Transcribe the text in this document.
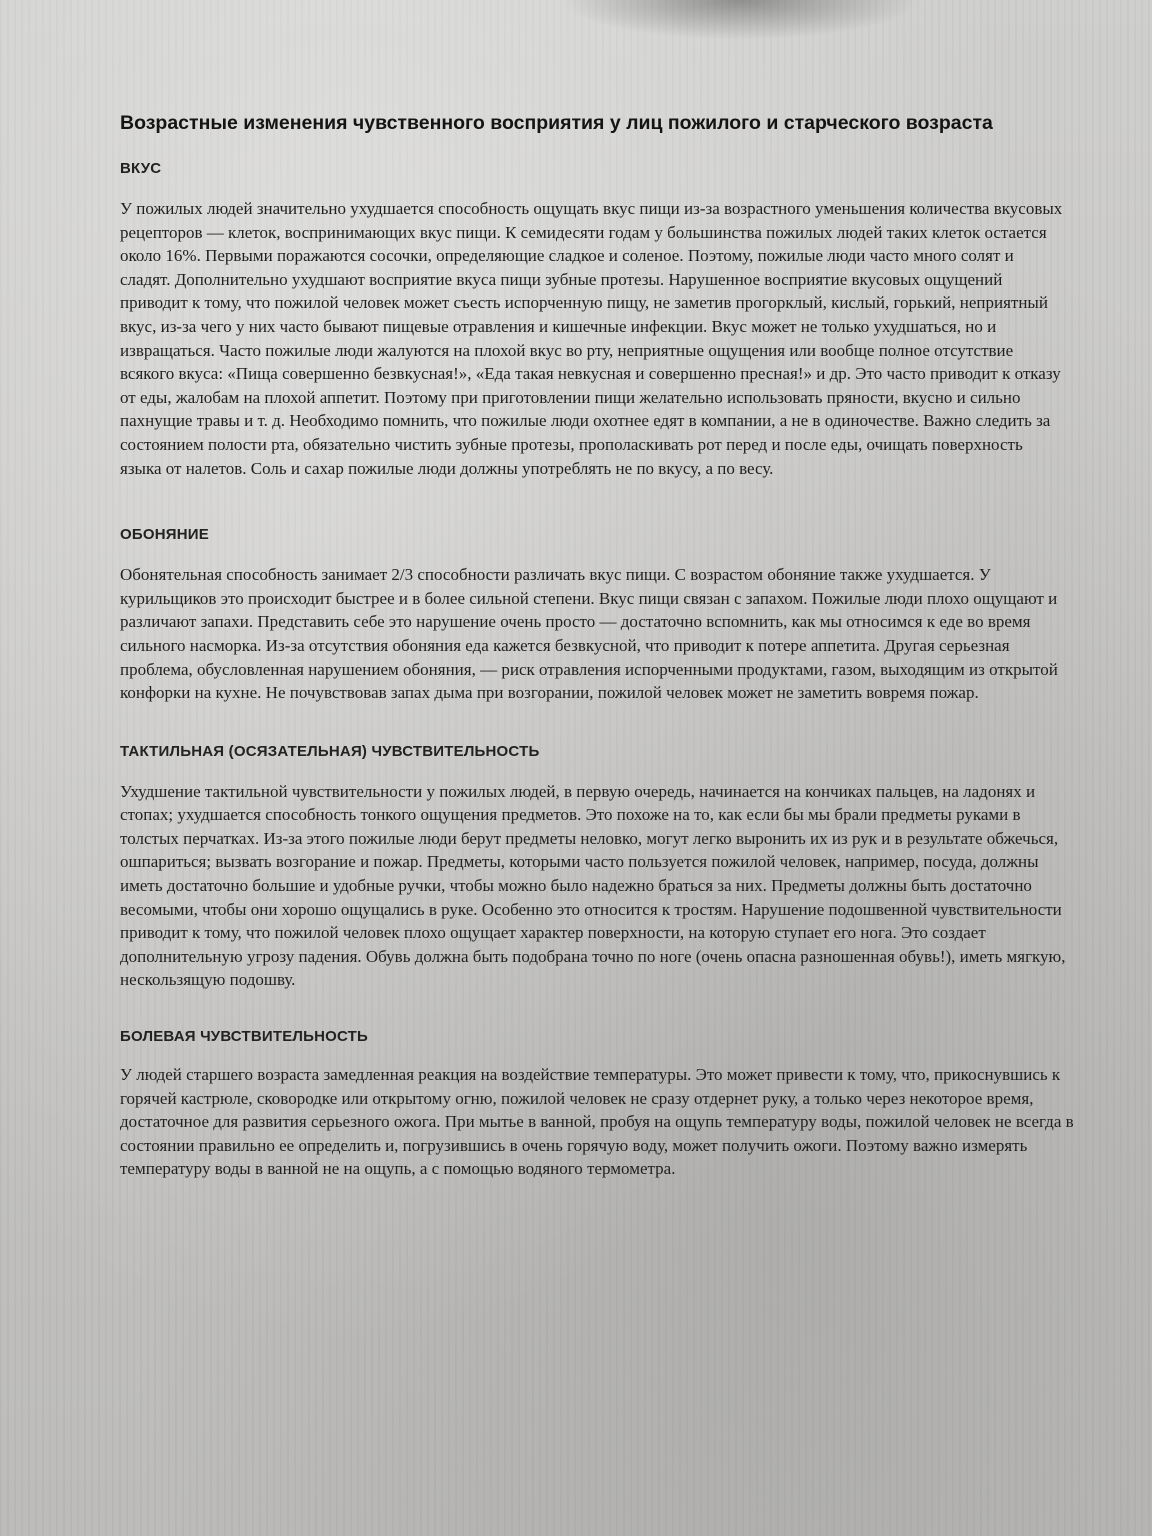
Возрастные изменения чувственного восприятия у лиц пожилого и старческого возраста
ВКУС

У пожилых людей значительно ухудшается способность ощущать вкус пищи из-за возрастного уменьшения количества вкусовых рецепторов — клеток, воспринимающих вкус пищи. К семидесяти годам у большинства пожилых людей таких клеток остается около 16%. Первыми поражаются сосочки, определяющие сладкое и соленое. Поэтому, пожилые люди часто много солят и сладят. Дополнительно ухудшают восприятие вкуса пищи зубные протезы. Нарушенное восприятие вкусовых ощущений приводит к тому, что пожилой человек может съесть испорченную пищу, не заметив прогорклый, кислый, горький, неприятный вкус, из-за чего у них часто бывают пищевые отравления и кишечные инфекции. Вкус может не только ухудшаться, но и извращаться. Часто пожилые люди жалуются на плохой вкус во рту, неприятные ощущения или вообще полное отсутствие всякого вкуса: «Пища совершенно безвкусная!», «Еда такая невкусная и совершенно пресная!» и др. Это часто приводит к отказу от еды, жалобам на плохой аппетит. Поэтому при приготовлении пищи желательно использовать пряности, вкусно и сильно пахнущие травы и т. д. Необходимо помнить, что пожилые люди охотнее едят в компании, а не в одиночестве. Важно следить за состоянием полости рта, обязательно чистить зубные протезы, прополаскивать рот перед и после еды, очищать поверхность языка от налетов. Соль и сахар пожилые люди должны употреблять не по вкусу, а по весу.

ОБОНЯНИЕ

Обонятельная способность занимает 2/3 способности различать вкус пищи. С возрастом обоняние также ухудшается. У курильщиков это происходит быстрее и в более сильной степени. Вкус пищи связан с запахом. Пожилые люди плохо ощущают и различают запахи. Представить себе это нарушение очень просто — достаточно вспомнить, как мы относимся к еде во время сильного насморка. Из-за отсутствия обоняния еда кажется безвкусной, что приводит к потере аппетита. Другая серьезная проблема, обусловленная нарушением обоняния, — риск отравления испорченными продуктами, газом, выходящим из открытой конфорки на кухне. Не почувствовав запах дыма при возгорании, пожилой человек может не заметить вовремя пожар.

ТАКТИЛЬНАЯ (ОСЯЗАТЕЛЬНАЯ) ЧУВСТВИТЕЛЬНОСТЬ

Ухудшение тактильной чувствительности у пожилых людей, в первую очередь, начинается на кончиках пальцев, на ладонях и стопах; ухудшается способность тонкого ощущения предметов. Это похоже на то, как если бы мы брали предметы руками в толстых перчатках. Из-за этого пожилые люди берут предметы неловко, могут легко выронить их из рук и в результате обжечься, ошпариться; вызвать возгорание и пожар. Предметы, которыми часто пользуется пожилой человек, например, посуда, должны иметь достаточно большие и удобные ручки, чтобы можно было надежно браться за них. Предметы должны быть достаточно весомыми, чтобы они хорошо ощущались в руке. Особенно это относится к тростям. Нарушение подошвенной чувствительности приводит к тому, что пожилой человек плохо ощущает характер поверхности, на которую ступает его нога. Это создает дополнительную угрозу падения. Обувь должна быть подобрана точно по ноге (очень опасна разношенная обувь!), иметь мягкую, нескользящую подошву.

БОЛЕВАЯ ЧУВСТВИТЕЛЬНОСТЬ

У людей старшего возраста замедленная реакция на воздействие температуры. Это может привести к тому, что, прикоснувшись к горячей кастрюле, сковородке или открытому огню, пожилой человек не сразу отдернет руку, а только через некоторое время, достаточное для развития серьезного ожога. При мытье в ванной, пробуя на ощупь температуру воды, пожилой человек не всегда в состоянии правильно ее определить и, погрузившись в очень горячую воду, может получить ожоги. Поэтому важно измерять температуру воды в ванной не на ощупь, а с помощью водяного термометра.
